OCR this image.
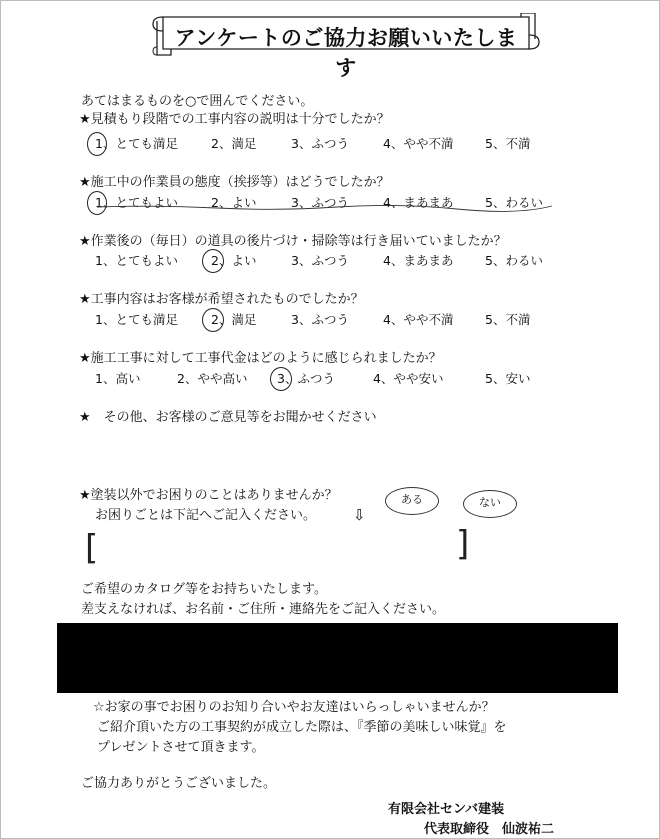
アンケートのご協力お願いいたします
あてはまるものを○で囲んでください。
★見積もり段階での工事内容の説明は十分でしたか？
1、とても満足	2、満足	3、ふつう	4、やや不満	5、不満
★施工中の作業員の態度（挨拶等）はどうでしたか？
1、とてもよい	2、よい	3、ふつう	4、まあまあ	5、わるい
★作業後の（毎日）の道具の後片づけ・掃除等は行き届いていましたか？
1、とてもよい	2、よい	3、ふつう	4、まあまあ	5、わるい
★工事内容はお客様が希望されたものでしたか？
1、とても満足	2、満足	3、ふつう	4、やや不満	5、不満
★施工工事に対して工事代金はどのように感じられましたか？
1、高い	2、やや高い 3、ふつう	4、やや安い	5、安い
★　その他、お客様のご意見等をお聞かせください
★塗装以外でお困りのことはありませんか？
お困りごとは下記へご記入ください。 ⇩
ある	ない
[	]
ご希望のカタログ等をお持ちいたします。
差支えなければ、お名前・ご住所・連絡先をご記入ください。
☆お家の事でお困りのお知り合いやお友達はいらっしゃいませんか？
ご紹介頂いた方の工事契約が成立した際は、『季節の美味しい味覚』を
プレゼントさせて頂きます。
ご協力ありがとうございました。
有限会社センバ建装
代表取締役　仙波祐二
